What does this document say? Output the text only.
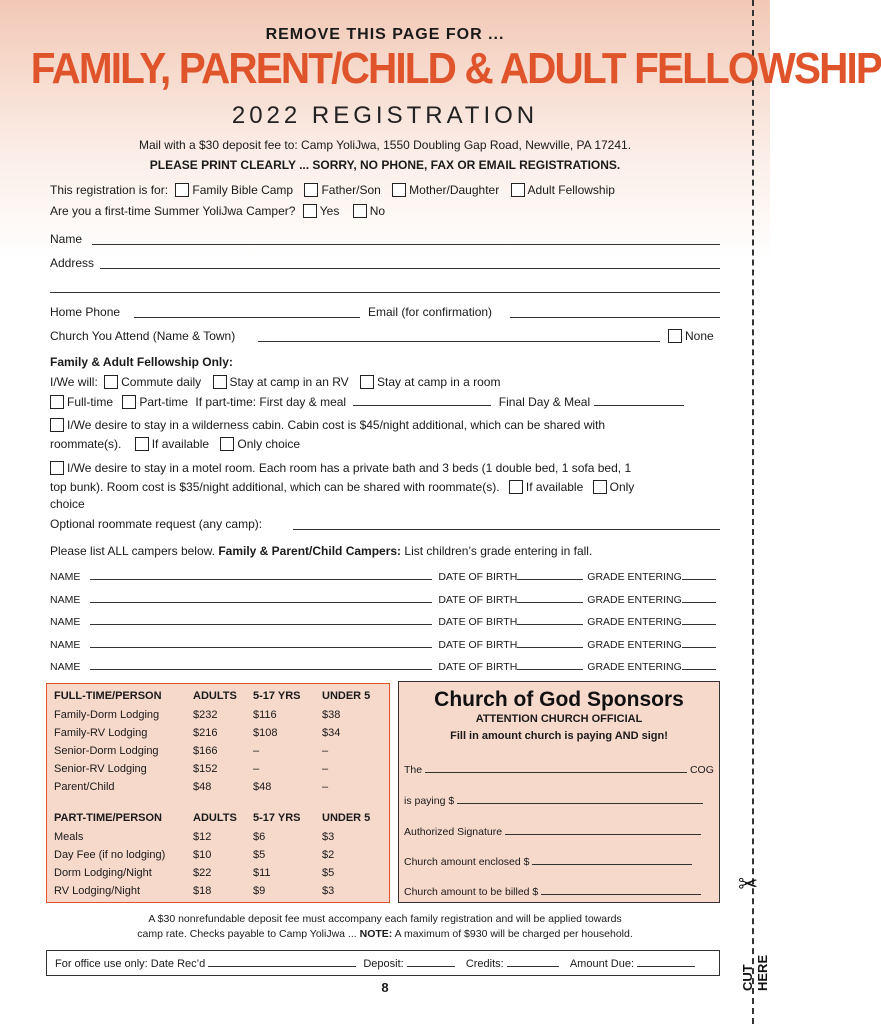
✂
CUT HERE
REMOVE THIS PAGE FOR ...
FAMILY, PARENT/CHILD & ADULT FELLOWSHIP
2022 REGISTRATION
Mail with a $30 deposit fee to: Camp YoliJwa, 1550 Doubling Gap Road, Newville, PA 17241.
PLEASE PRINT CLEARLY ... SORRY, NO PHONE, FAX OR EMAIL REGISTRATIONS.
This registration is for: Family Bible Camp Father/Son Mother/Daughter Adult Fellowship
Are you a first-time Summer YoliJwa Camper? Yes	No
Name
Address
Home Phone	Email (for confirmation)
Church You Attend (Name & Town)	None
Family & Adult Fellowship Only:
I/We will: Commute daily Stay at camp in an RV Stay at camp in a room
Full-time Part-time If part-time: First day & meal	Final Day & Meal
I/We desire to stay in a wilderness cabin. Cabin cost is $45/night additional, which can be shared with
roommate(s).	If available Only choice
I/We desire to stay in a motel room. Each room has a private bath and 3 beds (1 double bed, 1 sofa bed, 1
top bunk). Room cost is $35/night additional, which can be shared with roommate(s). If available Only
choice
Optional roommate request (any camp):
Please list ALL campers below. Family & Parent/Child Campers: List children’s grade entering in fall.
NAME	DATE OF BIRTH	GRADE ENTERING
NAME	DATE OF BIRTH	GRADE ENTERING
NAME	DATE OF BIRTH	GRADE ENTERING
NAME	DATE OF BIRTH	GRADE ENTERING
NAME	DATE OF BIRTH	GRADE ENTERING
FULL-TIME/PERSON	ADULTS 5-17 YRS UNDER 5
Family-Dorm Lodging	$232	$116	$38
Family-RV Lodging	$216	$108	$34
Senior-Dorm Lodging	$166	–	–
Senior-RV Lodging	$152	–	–
Parent/Child	$48	$48	–
PART-TIME/PERSON	ADULTS 5-17 YRS UNDER 5
Meals	$12	$6	$3
Day Fee (if no lodging)	$10	$5	$2
Dorm Lodging/Night	$22	$11	$5
RV Lodging/Night	$18	$9	$3
Church of God Sponsors
ATTENTION CHURCH OFFICIAL
Fill in amount church is paying AND sign!
The	COG
is paying $
Authorized Signature
Church amount enclosed $
Church amount to be billed $
A $30 nonrefundable deposit fee must accompany each family registration and will be applied towards
camp rate. Checks payable to Camp YoliJwa ... NOTE: A maximum of $930 will be charged per household.
For office use only: Date Rec’d	Deposit:	Credits:	Amount Due:
8
